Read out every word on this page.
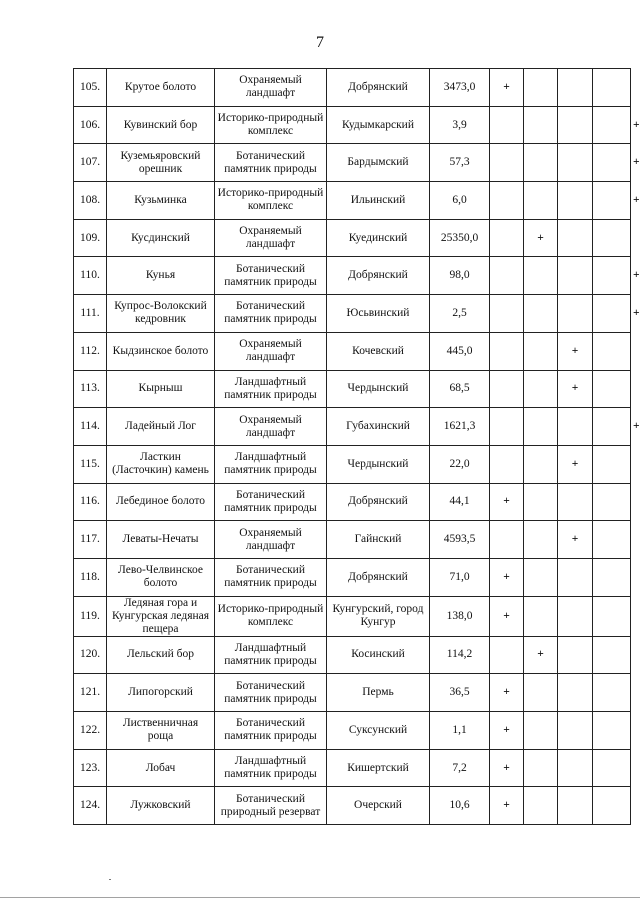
7
105.	Крутое болото	Охраняемый ландшафт	Добрянский	3473,0	+				
106.	Кувинский бор	Историко-природный комплекс	Кудымкарский	3,9					+
107.	Куземьяровский орешник	Ботанический памятник природы	Бардымский	57,3					+
108.	Кузьминка	Историко-природный комплекс	Ильинский	6,0					+
109.	Кусдинский	Охраняемый ландшафт	Куединский	25350,0		+			
110.	Кунья	Ботанический памятник природы	Добрянский	98,0					+
111.	Купрос-Волокский кедровник	Ботанический памятник природы	Юсьвинский	2,5					+
112.	Кыдзинское болото	Охраняемый ландшафт	Кочевский	445,0			+		
113.	Кырныш	Ландшафтный памятник природы	Чердынский	68,5			+		
114.	Ладейный Лог	Охраняемый ландшафт	Губахинский	1621,3					+
115.	Ласткин (Ласточкин) камень	Ландшафтный памятник природы	Чердынский	22,0			+		
116.	Лебединое болото	Ботанический памятник природы	Добрянский	44,1	+				
117.	Леваты-Нечаты	Охраняемый ландшафт	Гайнский	4593,5			+		
118.	Лево-Челвинское болото	Ботанический памятник природы	Добрянский	71,0	+				
119.	Ледяная гора и Кунгурская ледяная пещера	Историко-природный комплекс	Кунгурский, город Кунгур	138,0	+				
120.	Лельский бор	Ландшафтный памятник природы	Косинский	114,2		+			
121.	Липогорский	Ботанический памятник природы	Пермь	36,5	+				
122.	Лиственничная роща	Ботанический памятник природы	Суксунский	1,1	+				
123.	Лобач	Ландшафтный памятник природы	Кишертский	7,2	+				
124.	Лужковский	Ботанический природный резерват	Очерский	10,6	+				
